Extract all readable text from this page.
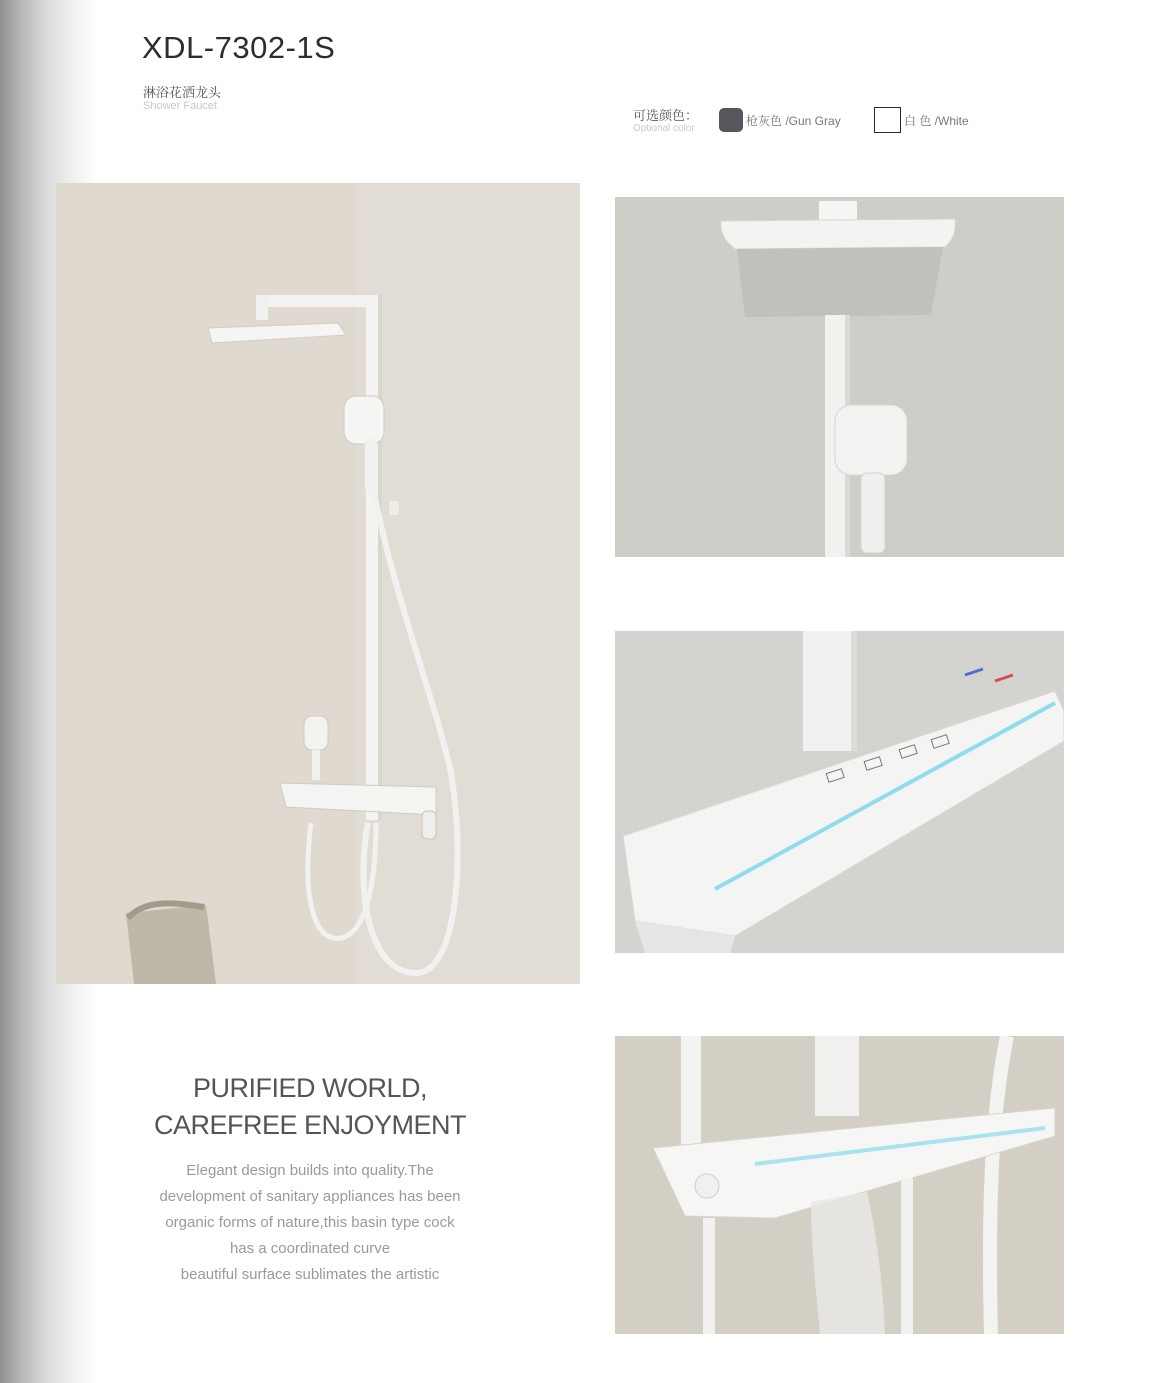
XDL-7302-1S
淋浴花洒龙头
Shower Faucet
可选颜色：
Optional color
枪灰色 /Gun Gray	白 色 /White
PURIFIED WORLD,
CAREFREE ENJOYMENT
Elegant design builds into quality.The
development of sanitary appliances has been
organic forms of nature,this basin type cock
has a coordinated curve
beautiful surface sublimates the artistic
